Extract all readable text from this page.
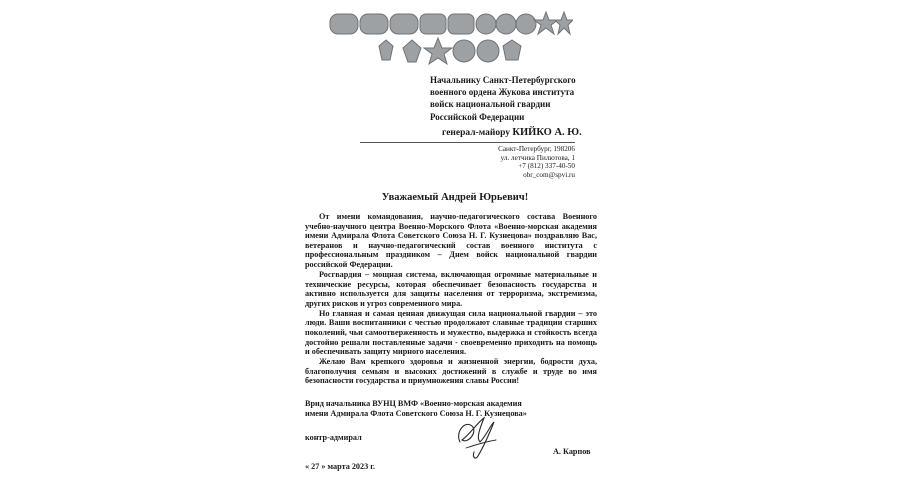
Начальнику Санкт-Петербургского
военного ордена Жукова института
войск национальной гвардии
Российской Федерации
генерал-майору КИЙКО А. Ю.
Санкт-Петербург, 198206
ул. летчика Пилютова, 1
+7 (812) 337-40-50
obr_com@spvi.ru
Уважаемый Андрей Юрьевич!

От имени командования, научно-педагогического состава Военного учебно-научного центра Военно-Морского Флота «Военно-морская академия имени Адмирала Флота Советского Союза Н. Г. Кузнецова» поздравляю Вас, ветеранов и научно-педагогический состав военного института с профессиональным праздником – Днем войск национальной гвардии российской Федерации.

Росгвардия – мощная система, включающая огромные материальные и технические ресурсы, которая обеспечивает безопасность государства и активно используется для защиты населения от терроризма, экстремизма, других рисков и угроз современного мира.

Но главная и самая ценная движущая сила национальной гвардии – это люди. Ваши воспитанники с честью продолжают славные традиции старших поколений, чьи самоотверженность и мужество, выдержка и стойкость всегда достойно решали поставленные задачи - своевременно приходить на помощь и обеспечивать защиту мирного населения.

Желаю Вам крепкого здоровья и жизненной энергии, бодрости духа, благополучия семьям и высоких достижений в службе и труде во имя безопасности государства и приумножения славы России!

Врид начальника ВУНЦ ВМФ «Военно-морская академия
имени Адмирала Флота Советского Союза Н. Г. Кузнецова»
контр-адмирал
А. Карпов
« 27 » марта 2023 г.
